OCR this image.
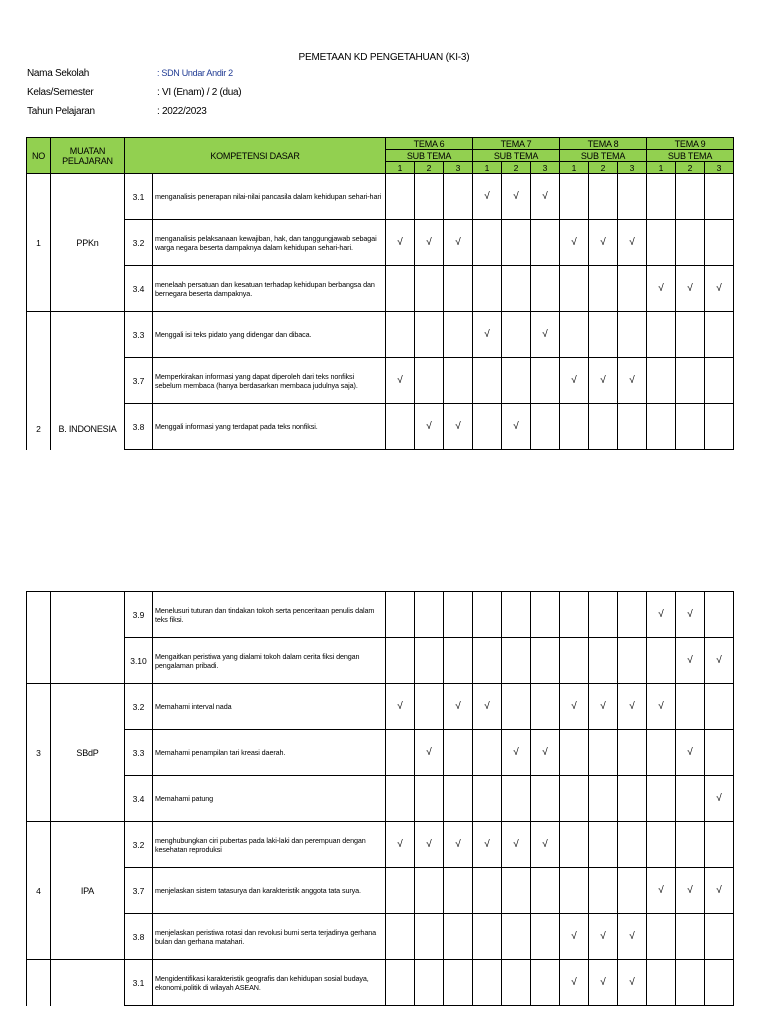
PEMETAAN KD PENGETAHUAN (KI-3)
Nama Sekolah	: SDN Undar Andir 2
Kelas/Semester	: VI (Enam) / 2 (dua)
Tahun Pelajaran	: 2022/2023
NO	MUATAN PELAJARAN	KOMPETENSI DASAR		TEMA 6			TEMA 7			TEMA 8			TEMA 9		
				SUB TEMA			SUB TEMA			SUB TEMA			SUB TEMA		
				1	2	3	1	2	3	1	2	3	1	2	3
1	PPKn	3.1	menganalisis penerapan nilai-nilai pancasila dalam kehidupan sehari-hari				√	√	√						
		3.2	menganalisis pelaksanaan kewajiban, hak, dan tanggungjawab sebagai warga negara beserta dampaknya dalam kehidupan sehari-hari.	√	√	√				√	√	√			
		3.4	menelaah persatuan dan kesatuan terhadap kehidupan berbangsa dan bernegara beserta dampaknya.										√	√	√
2	B. INDONESIA	3.3	Menggali isi teks pidato yang didengar dan dibaca.				√		√						
		3.7	Memperkirakan informasi yang dapat diperoleh dari teks nonfiksi sebelum membaca (hanya berdasarkan membaca judulnya saja).	√						√	√	√			
		3.8	Menggali informasi yang terdapat pada teks nonfiksi.		√	√		√							
		3.9	Menelusuri tuturan dan tindakan tokoh serta penceritaan penulis dalam teks fiksi.										√	√	
		3.10	Mengaitkan peristiwa yang dialami tokoh dalam cerita fiksi dengan pengalaman pribadi.											√	√
3	SBdP	3.2	Memahami interval nada	√		√	√			√	√	√	√		
		3.3	Memahami penampilan tari kreasi daerah.		√			√	√					√	
		3.4	Memahami patung												√
4	IPA	3.2	menghubungkan ciri pubertas pada laki-laki dan perempuan dengan kesehatan reproduksi	√	√	√	√	√	√						
		3.7	menjelaskan sistem tatasurya dan karakteristik anggota tata surya.										√	√	√
		3.8	menjelaskan peristiwa rotasi dan revolusi bumi serta terjadinya gerhana bulan dan gerhana matahari.							√	√	√			
		3.1	Mengidentifikasi karakteristik geografis dan kehidupan sosial budaya, ekonomi,politik di wilayah ASEAN.							√	√	√			
